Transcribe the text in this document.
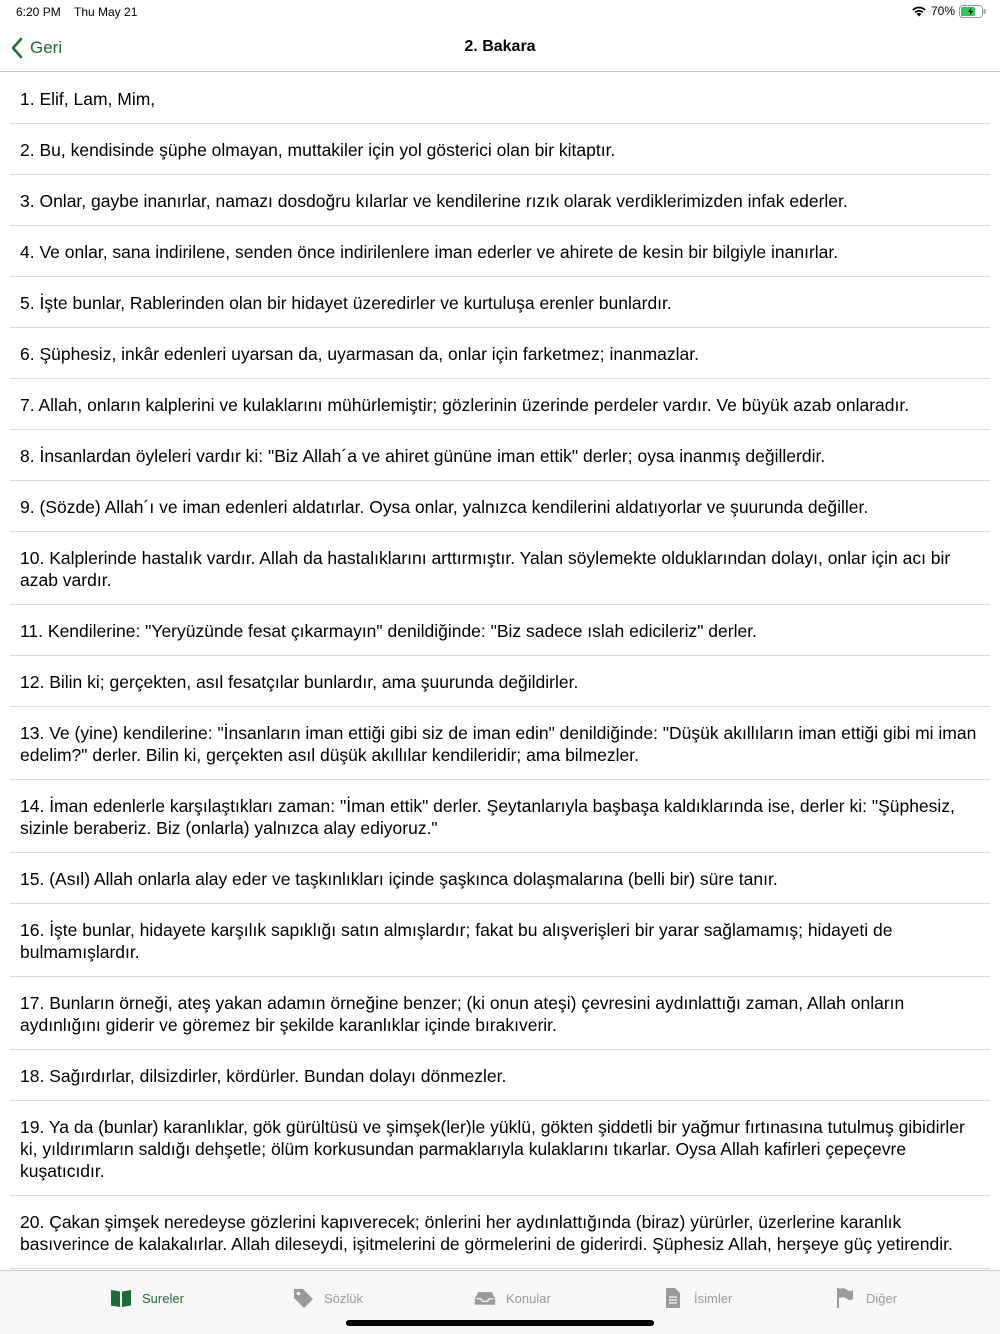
6:20 PM Thu May 21	70%
Geri	2. Bakara
1. Elif, Lam, Mim,
2. Bu, kendisinde şüphe olmayan, muttakiler için yol gösterici olan bir kitaptır.
3. Onlar, gaybe inanırlar, namazı dosdoğru kılarlar ve kendilerine rızık olarak verdiklerimizden infak ederler.
4. Ve onlar, sana indirilene, senden önce indirilenlere iman ederler ve ahirete de kesin bir bilgiyle inanırlar.
5. İşte bunlar, Rablerinden olan bir hidayet üzeredirler ve kurtuluşa erenler bunlardır.
6. Şüphesiz, inkâr edenleri uyarsan da, uyarmasan da, onlar için farketmez; inanmazlar.
7. Allah, onların kalplerini ve kulaklarını mühürlemiştir; gözlerinin üzerinde perdeler vardır. Ve büyük azab onlaradır.
8. İnsanlardan öyleleri vardır ki: "Biz Allah´a ve ahiret gününe iman ettik" derler; oysa inanmış değillerdir.
9. (Sözde) Allah´ı ve iman edenleri aldatırlar. Oysa onlar, yalnızca kendilerini aldatıyorlar ve şuurunda değiller.
10. Kalplerinde hastalık vardır. Allah da hastalıklarını arttırmıştır. Yalan söylemekte olduklarından dolayı, onlar için acı bir azab vardır.
11. Kendilerine: "Yeryüzünde fesat çıkarmayın" denildiğinde: "Biz sadece ıslah edicileriz" derler.
12. Bilin ki; gerçekten, asıl fesatçılar bunlardır, ama şuurunda değildirler.
13. Ve (yine) kendilerine: "İnsanların iman ettiği gibi siz de iman edin" denildiğinde: "Düşük akıllıların iman ettiği gibi mi iman edelim?" derler. Bilin ki, gerçekten asıl düşük akıllılar kendileridir; ama bilmezler.
14. İman edenlerle karşılaştıkları zaman: "İman ettik" derler. Şeytanlarıyla başbaşa kaldıklarında ise, derler ki: "Şüphesiz, sizinle beraberiz. Biz (onlarla) yalnızca alay ediyoruz."
15. (Asıl) Allah onlarla alay eder ve taşkınlıkları içinde şaşkınca dolaşmalarına (belli bir) süre tanır.
16. İşte bunlar, hidayete karşılık sapıklığı satın almışlardır; fakat bu alışverişleri bir yarar sağlamamış; hidayeti de bulmamışlardır.
17. Bunların örneği, ateş yakan adamın örneğine benzer; (ki onun ateşi) çevresini aydınlattığı zaman, Allah onların aydınlığını giderir ve göremez bir şekilde karanlıklar içinde bırakıverir.
18. Sağırdırlar, dilsizdirler, kördürler. Bundan dolayı dönmezler.
19. Ya da (bunlar) karanlıklar, gök gürültüsü ve şimşek(ler)le yüklü, gökten şiddetli bir yağmur fırtınasına tutulmuş gibidirler ki, yıldırımların saldığı dehşetle; ölüm korkusundan parmaklarıyla kulaklarını tıkarlar. Oysa Allah kafirleri çepeçevre kuşatıcıdır.
20. Çakan şimşek neredeyse gözlerini kapıverecek; önlerini her aydınlattığında (biraz) yürürler, üzerlerine karanlık basıverince de kalakalırlar. Allah dileseydi, işitmelerini de görmelerini de giderirdi. Şüphesiz Allah, herşeye güç yetirendir.
Sureler	Sözlük	Konular	İsimler	Diğer
